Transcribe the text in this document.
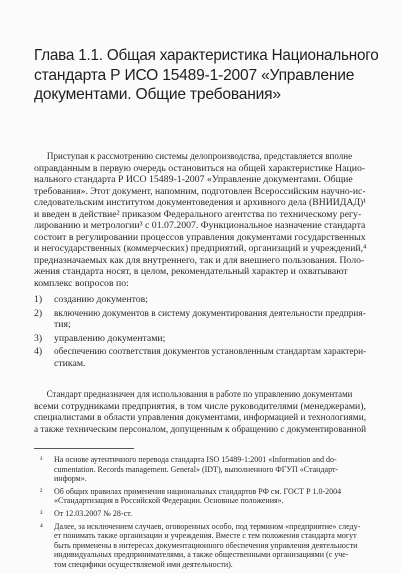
Глава 1.1. Общая характеристика Национального
стандарта Р ИСО 15489-1-2007 «Управление
документами. Общие требования»
Приступая к рассмотрению системы делопроизводства, представляется вполне
оправданным в первую очередь остановиться на общей характеристике Нацио-
нального стандарта Р ИСО 15489-1-2007 «Управление документами. Общие
требования». Этот документ, напомним, подготовлен Всероссийским научно-ис-
следовательским институтом документоведения и архивного дела (ВНИИДАД)¹
и введен в действие² приказом Федерального агентства по техническому регу-
лированию и метрологии³ с 01.07.2007. Функциональное назначение стандарта
состоит в регулировании процессов управления документами государственных
и негосударственных (коммерческих) предприятий, организаций и учреждений,⁴
предназначаемых как для внутреннего, так и для внешнего пользования. Поло-
жения стандарта носят, в целом, рекомендательный характер и охватывают
комплекс вопросов по:
1) созданию документов;
2) включению документов в систему документирования деятельности предприя-
тия;
3) управлению документами;
4) обеспечению соответствия документов установленным стандартам характери-
стикам.
Стандарт предназначен для использования в работе по управлению документами
всеми сотрудниками предприятия, в том числе руководителями (менеджерами),
специалистами в области управления документами, информацией и технологиями,
а также техническим персоналом, допущенным к обращению с документированной
¹ На основе аутентичного перевода стандарта ISO 15489-1:2001 «Information and do-
cumentation. Records management. General» (IDT), выполненного ФГУП «Стандарт-
информ».
² Об общих правилах применения национальных стандартов РФ см. ГОСТ Р 1.0-2004
«Стандартизация в Российской Федерации. Основные положения».
³ От 12.03.2007 № 28-ст.
⁴ Далее, за исключением случаев, оговоренных особо, под термином «предприятие» следу-
ет понимать также организации и учреждения. Вместе с тем положения стандарта могут
быть применены в интересах документационного обеспечения управления деятельности
индивидуальных предпринимателями, а также общественными организациями (с уче-
том специфики осуществляемой ими деятельности).
